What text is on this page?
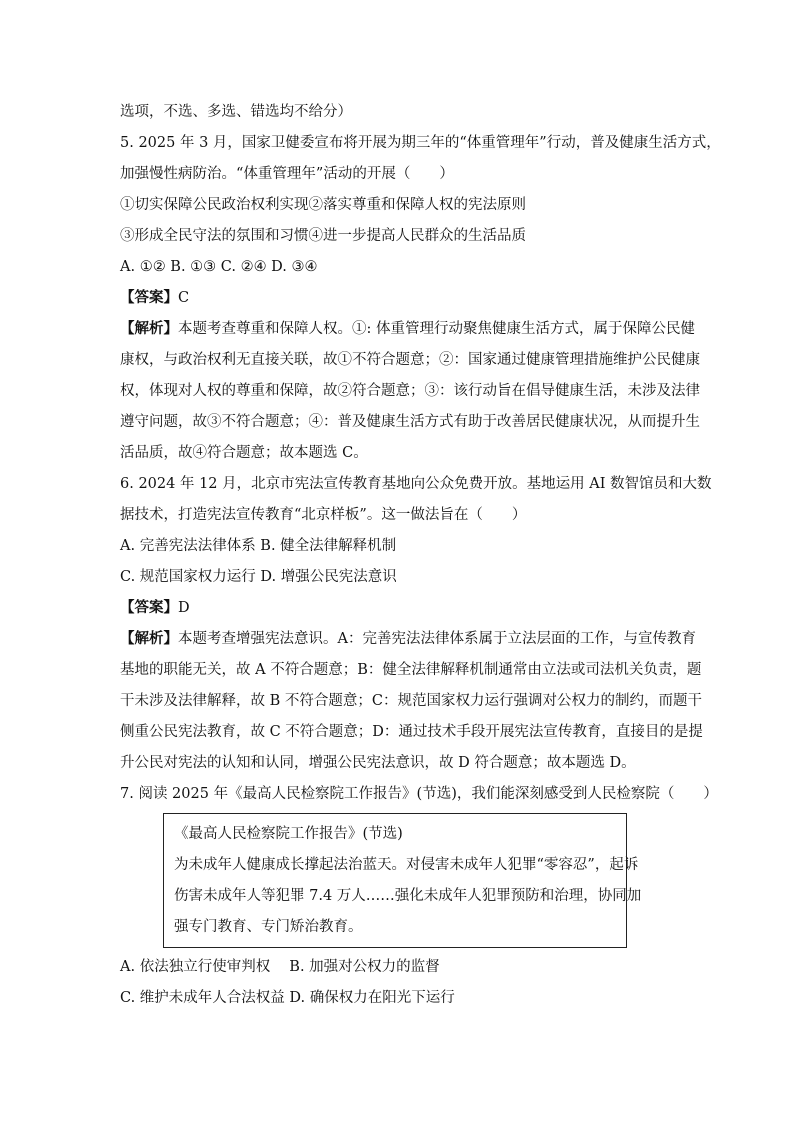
选项，不选、多选、错选均不给分）
5. 2025 年 3 月，国家卫健委宣布将开展为期三年的“体重管理年”行动，普及健康生活方式，
加强慢性病防治。“体重管理年”活动的开展（　　）
①切实保障公民政治权利实现②落实尊重和保障人权的宪法原则
③形成全民守法的氛围和习惯④进一步提高人民群众的生活品质
A. ①② B. ①③ C. ②④ D. ③④
【答案】C
【解析】本题考查尊重和保障人权。①: 体重管理行动聚焦健康生活方式，属于保障公民健
康权，与政治权利无直接关联，故①不符合题意；②：国家通过健康管理措施维护公民健康
权，体现对人权的尊重和保障，故②符合题意；③：该行动旨在倡导健康生活，未涉及法律
遵守问题，故③不符合题意；④：普及健康生活方式有助于改善居民健康状况，从而提升生
活品质，故④符合题意；故本题选 C。
6. 2024 年 12 月，北京市宪法宣传教育基地向公众免费开放。基地运用 AI 数智馆员和大数
据技术，打造宪法宣传教育“北京样板”。这一做法旨在（　　）
A. 完善宪法法律体系 B. 健全法律解释机制
C. 规范国家权力运行 D. 增强公民宪法意识
【答案】D
【解析】本题考查增强宪法意识。A：完善宪法法律体系属于立法层面的工作，与宣传教育
基地的职能无关，故 A 不符合题意；B：健全法律解释机制通常由立法或司法机关负责，题
干未涉及法律解释，故 B 不符合题意；C：规范国家权力运行强调对公权力的制约，而题干
侧重公民宪法教育，故 C 不符合题意；D：通过技术手段开展宪法宣传教育，直接目的是提
升公民对宪法的认知和认同，增强公民宪法意识，故 D 符合题意；故本题选 D。
7. 阅读 2025 年《最高人民检察院工作报告》(节选)，我们能深刻感受到人民检察院（　　）
《最高人民检察院工作报告》(节选)
为未成年人健康成长撑起法治蓝天。对侵害未成年人犯罪“零容忍”，起诉
伤害未成年人等犯罪 7.4 万人……强化未成年人犯罪预防和治理，协同加
强专门教育、专门矫治教育。
A. 依法独立行使审判权　 B. 加强对公权力的监督
C. 维护未成年人合法权益 D. 确保权力在阳光下运行
